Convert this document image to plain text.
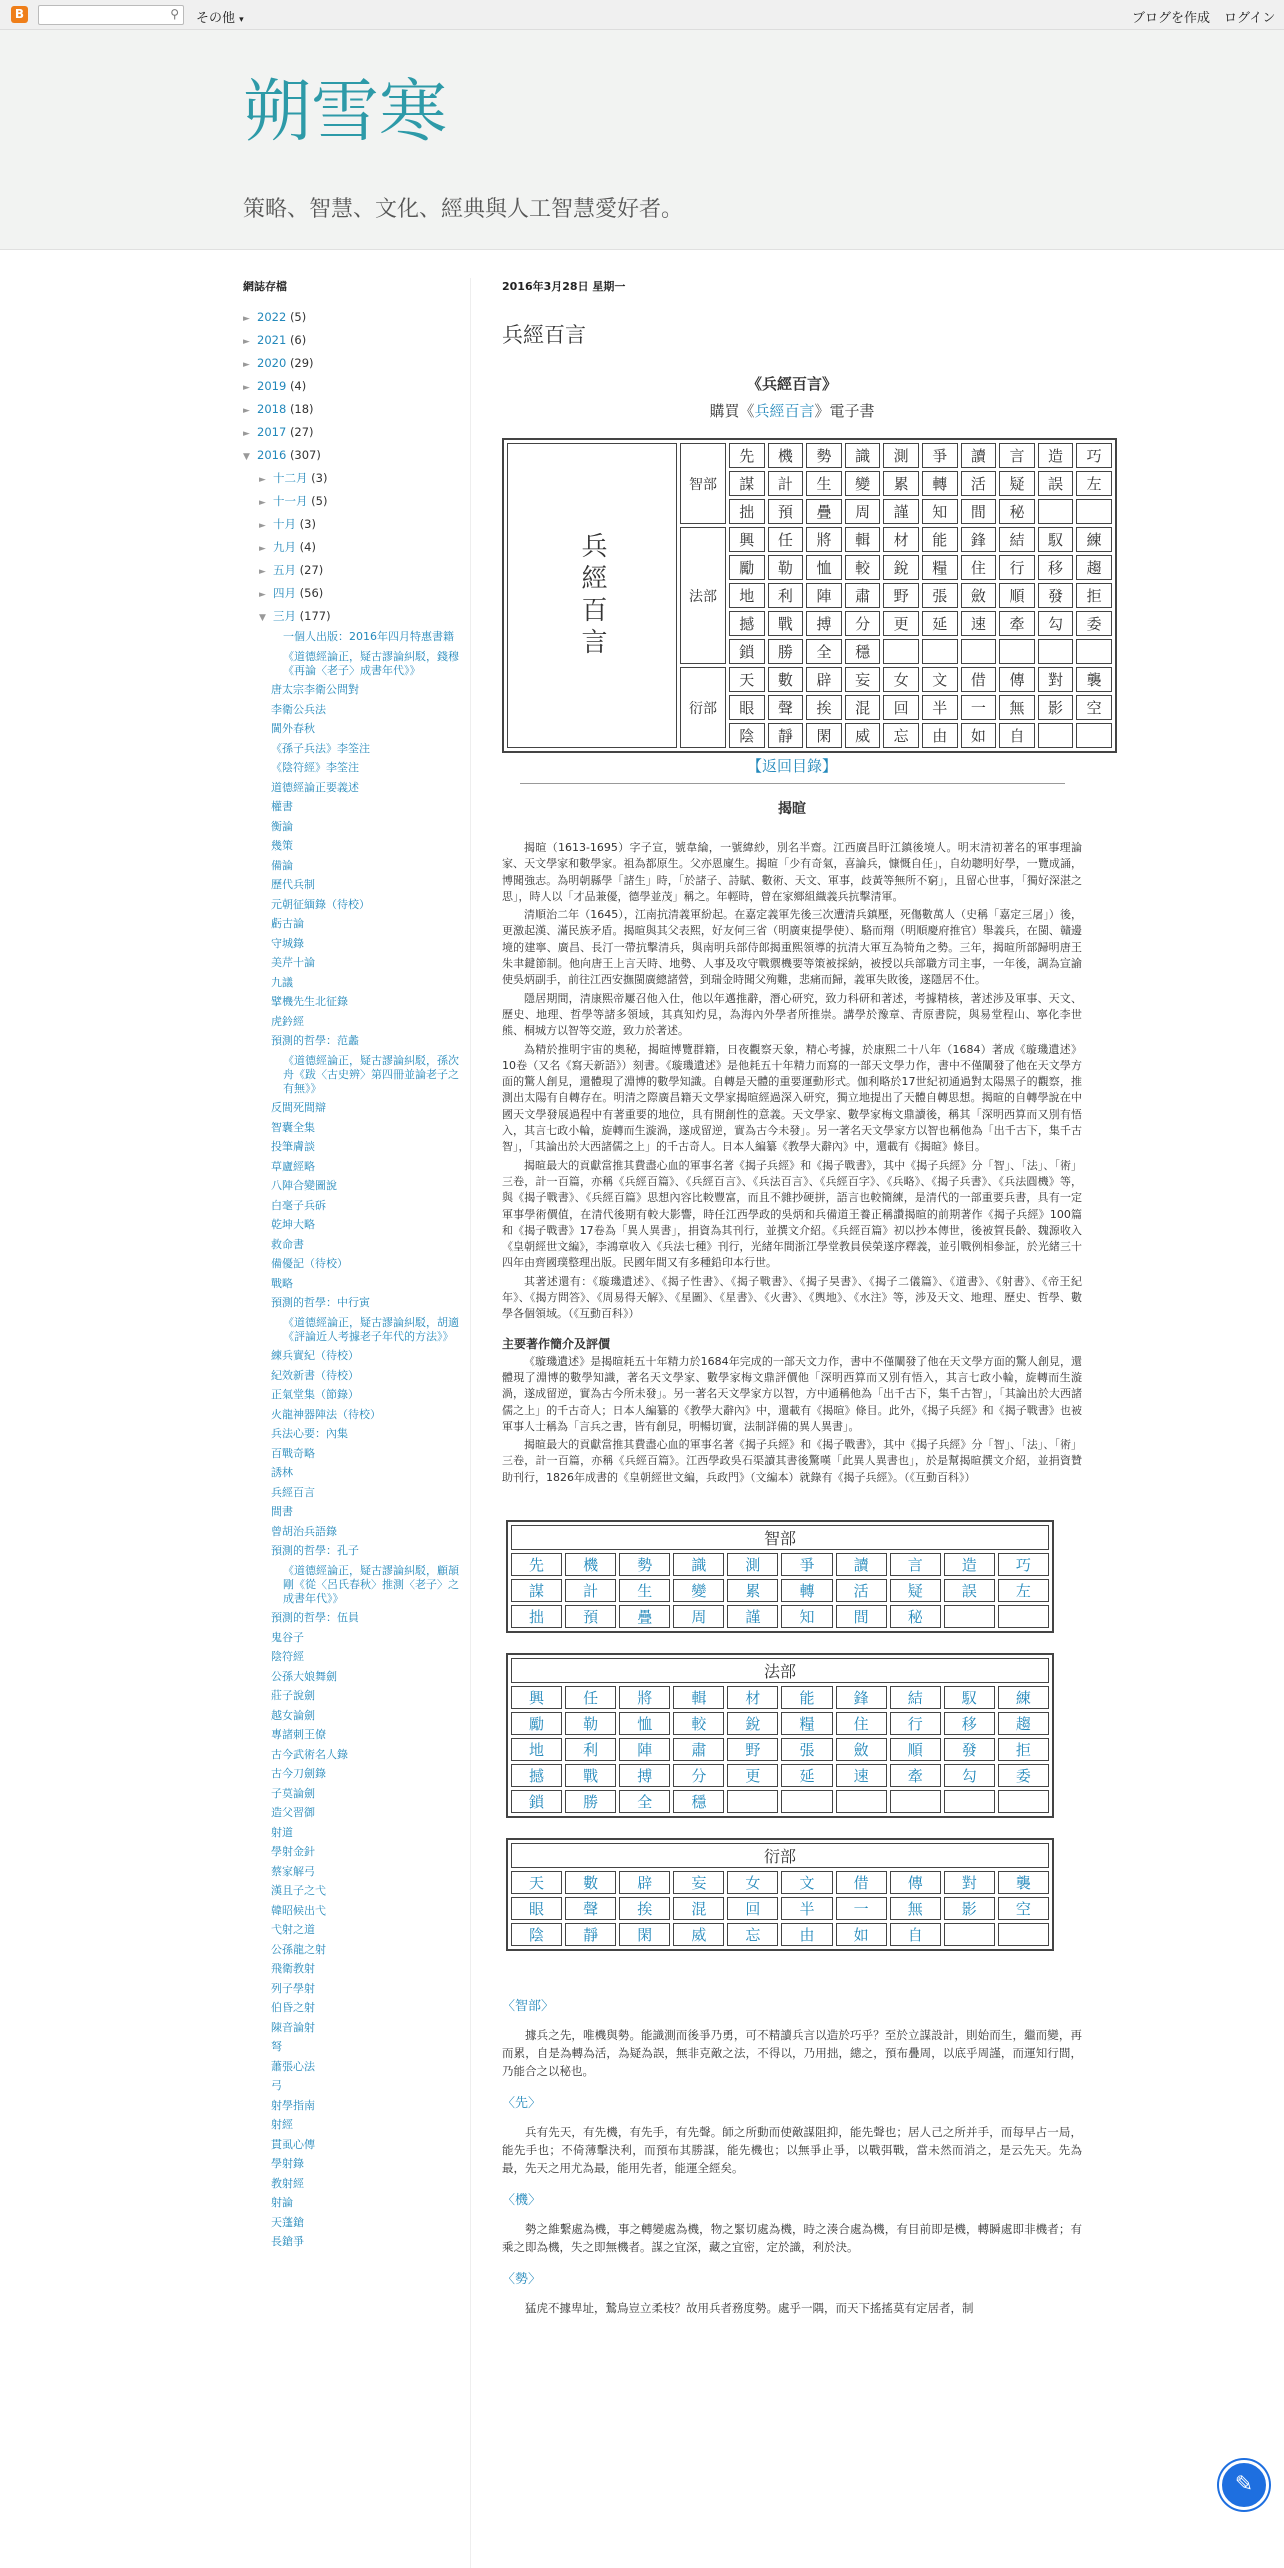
B	⚲ その他 ▾	ブログを作成 ログイン
朔雪寒
策略、智慧、文化、經典與人工智慧愛好者。
網誌存檔
► 2022 (5)
► 2021 (6)
► 2020 (29)
► 2019 (4)
► 2018 (18)
► 2017 (27)
▼ 2016 (307)
► 十二月 (3)
► 十一月 (5)
► 十月 (3)
► 九月 (4)
► 五月 (27)
► 四月 (56)
▼ 三月 (177)
一個人出版：2016年四月特惠書籍
《道德經論正，疑古謬論糾駁，錢穆《再論〈老子〉成書年代》》
唐太宗李衛公問對
李衛公兵法
閫外春秋
《孫子兵法》李筌注
《陰符經》李筌注
道德經論正要義述
權書
衡論
幾策
備論
歷代兵制
元朝征緬錄（待校）
虧古論
守城錄
美芹十論
九議
擘機先生北征錄
虎鈐經
預測的哲學：范蠡
《道德經論正，疑古謬論糾駁，孫次舟《跋〈古史辨〉第四冊並論老子之有無》》
反間死間辯
智囊全集
投筆膚談
草廬經略
八陣合變圖說
白毫子兵䂨
乾坤大略
救命書
備優記（待校）
戰略
預測的哲學：中行寅
《道德經論正，疑古謬論糾駁，胡適《評論近人考據老子年代的方法》》
練兵實紀（待校）
紀效新書（待校）
正氣堂集（節錄）
火龍神器陣法（待校）
兵法心要：內集
百戰奇略
誘林
兵經百言
間書
曾胡治兵語錄
預測的哲學：孔子
《道德經論正，疑古謬論糾駁，顧頡剛《從〈呂氏春秋〉推測〈老子〉之成書年代》》
預測的哲學：伍員
鬼谷子
陰符經
公孫大娘舞劍
莊子說劍
越女論劍
專諸刺王僚
古今武術名人錄
古今刀劍錄
子莫論劍
造父習御
射道
學射金針
蔡家解弓
漢且子之弋
韓昭候出弋
弋射之道
公孫龍之射
飛衛教射
列子學射
伯昏之射
陳音論射
弩
蕭張心法
弓
射學指南
射經
貫虱心傳
學射錄
教射經
射論
天蓬鎗
長鎗爭
2016年3月28日 星期一
兵經百言
《兵經百言》
購買《兵經百言》電子書
兵經百言	智部	先	機	勢	識	測	爭	讀	言	造	巧
		謀	計	生	變	累	轉	活	疑	誤	左
		拙	預	疊	周	謹	知	間	秘		
	法部	興	任	將	輯	材	能	鋒	結	馭	練
		勵	勒	恤	較	銳	糧	住	行	移	趨
		地	利	陣	肅	野	張	斂	順	發	拒
		撼	戰	搏	分	更	延	速	牽	勾	委
		鎖	勝	全	穩						
	衍部	天	數	辟	妄	女	文	借	傳	對	襲
		眼	聲	挨	混	回	半	一	無	影	空
		陰	靜	閑	威	忘	由	如	自		
【返回目錄】
揭暄

揭暄（1613-1695）字子宣，號韋綸，一號緯紗，別名半齋。江西廣昌盱江鎮後境人。明末清初著名的軍事理論家、天文學家和數學家。祖為都原生。父亦恩廩生。揭暄「少有奇氣，喜論兵，慷慨自任」，自幼聰明好學，一覽成誦，博聞強志。為明朝縣學「諸生」時，「於諸子、詩賦、數術、天文、軍事，歧黃等無所不窮」，且留心世事，「獨好深湛之思」，時人以「才品兼優，德學並茂」稱之。年輕時，曾在家鄉組織義兵抗擊清軍。

清順治二年（1645），江南抗清義軍紛起。在嘉定義軍先後三次遭清兵鎮壓，死傷數萬人（史稱「嘉定三屠」）後，更激起漢、滿民族矛盾。揭暄與其父表熙，好友何三省（明廣東提學使）、駱而翔（明順慶府推官）舉義兵，在閩、贛邊境的建寧、廣昌、長汀一帶抗擊清兵，與南明兵部侍郎揭重熙領導的抗清大軍互為犄角之勢。三年，揭暄所部歸明唐王朱聿鍵節制。他向唐王上言天時、地勢、人事及攻守戰禦機要等策被採納，被授以兵部職方司主事，一年後，調為宣諭使吳炳副手，前往江西安撫閩廣總諸營，到瑞金時聞父殉難，悲痛而歸，義軍失敗後，遂隱居不仕。

隱居期間，清康熙帝屢召他入仕，他以年邁推辭，潛心研究，致力科研和著述，考據精核，著述涉及軍事、天文、歷史、地理、哲學等諸多領域，其真知灼見，為海內外學者所推崇。講學於豫章、青原書院，與易堂程山、寧化李世熊、桐城方以智等交遊，致力於著述。

為精於推明宇宙的奧秘，揭暄博覽群籍，日夜觀察天象，精心考據，於康熙二十八年（1684）著成《璇璣遺述》10卷（又名《寫天新語》）刻書。《璇璣遺述》是他耗五十年精力而寫的一部天文學力作，書中不僅闡發了他在天文學方面的驚人創見，還體現了淵博的數學知識。自轉是天體的重要運動形式。伽利略於17世紀初通過對太陽黑子的觀察，推測出太陽有自轉存在。明清之際廣昌籍天文學家揭暄經過深入研究，獨立地提出了天體自轉思想。揭暄的自轉學說在中國天文學發展過程中有著重要的地位，具有開創性的意義。天文學家、數學家梅文鼎讀後，稱其「深明西算而又別有悟入，其言七政小輪，旋轉而生漩渦，遂成留逆，實為古今未發」。另一著名天文學家方以智也稱他為「出千古下，集千古智」，「其論出於大西諸儒之上」的千古奇人。日本人編纂《教學大辭內》中，還載有《揭暄》條目。

揭暄最大的貢獻當推其費盡心血的軍事名著《揭子兵經》和《揭子戰書》，其中《揭子兵經》分「智」、「法」、「術」三卷，計一百篇，亦稱《兵經百篇》、《兵經百言》、《兵法百言》、《兵經百字》、《兵略》、《揭子兵書》、《兵法圓機》等，與《揭子戰書》、《兵經百篇》思想內容比較豐富，而且不雜抄硬拼，語言也較簡練，是清代的一部重要兵書，具有一定軍事學術價值，在清代後期有較大影響，時任江西學政的吳炳和兵備道王養正稱讚揭暄的前期著作《揭子兵經》100篇和《揭子戰書》17卷為「異人異書」，捐資為其刊行，並撰文介紹。《兵經百篇》初以抄本傳世，後被賀長齡、魏源收入《皇朝經世文編》，李鴻章收入《兵法七種》刊行，光緒年間浙江學堂教員侯榮遂序釋義，並引戰例相參証，於光緒三十四年由齊國璞整理出版。民國年間又有多種鉛印本行世。

其著述還有：《璇璣遺述》、《揭子性書》、《揭子戰書》、《揭子昊書》、《揭子二儀篇》、《道書》、《射書》、《帝王紀年》、《揭方問答》、《周易得天解》、《星圖》、《星書》、《火書》、《輿地》、《水注》等，涉及天文、地理、歷史、哲學、數學各個領域。（《互動百科》）

主要著作簡介及評價

《璇璣遺述》是揭暄耗五十年精力於1684年完成的一部天文力作，書中不僅闡發了他在天文學方面的驚人創見，還體現了淵博的數學知識，著名天文學家、數學家梅文鼎評價他「深明西算而又別有悟入，其言七政小輪，旋轉而生漩渦，遂成留逆，實為古今所未發」。另一著名天文學家方以智，方中通稱他為「出千古下，集千古智」，「其論出於大西諸儒之上」的千古奇人；日本人編纂的《教學大辭內》中，還載有《揭暄》條目。此外，《揭子兵經》和《揭子戰書》也被軍事人士稱為「言兵之書，皆有創見，明暢切實，法制詳備的異人異書」。

揭暄最大的貢獻當推其費盡心血的軍事名著《揭子兵經》和《揭子戰書》，其中《揭子兵經》分「智」、「法」、「術」三卷，計一百篇，亦稱《兵經百篇》。江西學政吳石渠讀其書後驚嘆「此異人異書也」，於是幫揭暄撰文介紹，並捐資贊助刊行，1826年成書的《皇朝經世文編，兵政門》（文編本）就錄有《揭子兵經》。（《互動百科》）

智部									
先	機	勢	識	測	爭	讀	言	造	巧
謀	計	生	變	累	轉	活	疑	誤	左
拙	預	疊	周	謹	知	間	秘		
法部									
興	任	將	輯	材	能	鋒	結	馭	練
勵	勒	恤	較	銳	糧	住	行	移	趨
地	利	陣	肅	野	張	斂	順	發	拒
撼	戰	搏	分	更	延	速	牽	勾	委
鎖	勝	全	穩						
衍部									
天	數	辟	妄	女	文	借	傳	對	襲
眼	聲	挨	混	回	半	一	無	影	空
陰	靜	閑	威	忘	由	如	自		
〈智部〉

據兵之先，唯機與勢。能識測而後爭乃勇，可不精讀兵言以造於巧乎？至於立謀設計，則始而生，繼而變，再而累，自是為轉為活，為疑為誤，無非克敵之法，不得以，乃用拙，總之，預布疊周，以底乎周謹，而運知行間，乃能合之以秘也。

〈先〉

兵有先天，有先機，有先手，有先聲。師之所動而使敵謀阻抑，能先聲也；居人己之所并手，而每早占一局，能先手也；不倚薄擊決利，而預布其勝謀，能先機也；以無爭止爭，以戰弭戰，當未然而消之，是云先天。先為最，先天之用尤為最，能用先者，能運全經矣。

〈機〉

勢之維繫處為機，事之轉變處為機，物之緊切處為機，時之湊合處為機，有目前即是機，轉瞬處即非機者；有乘之即為機，失之即無機者。謀之宜深，藏之宜密，定於識，利於決。

〈勢〉

猛虎不據卑址，鷙鳥豈立柔枝？故用兵者務度勢。處乎一隅，而天下搖搖莫有定居者，制

✎
